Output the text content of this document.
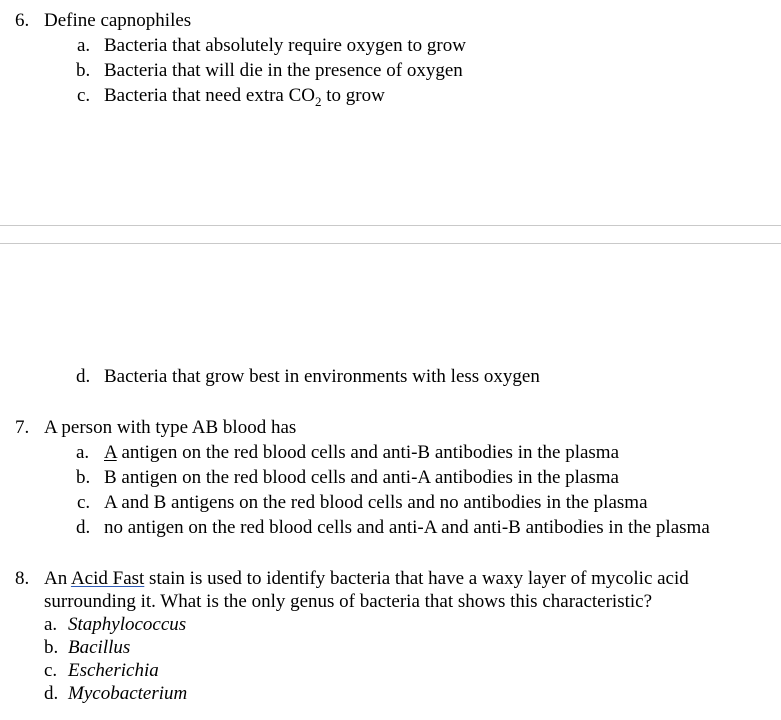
6. Define capnophiles
a. Bacteria that absolutely require oxygen to grow
b. Bacteria that will die in the presence of oxygen
c. Bacteria that need extra $CO_2$ to grow
d. Bacteria that grow best in environments with less oxygen
7. A person with type AB blood has
a. A antigen on the red blood cells and anti-B antibodies in the plasma
b. B antigen on the red blood cells and anti-A antibodies in the plasma
c. A and B antigens on the red blood cells and no antibodies in the plasma
d. no antigen on the red blood cells and anti-A and anti-B antibodies in the plasma
8. An Acid Fast stain is used to identify bacteria that have a waxy layer of mycolic acid
surrounding it. What is the only genus of bacteria that shows this characteristic?
a. Staphylococcus
b. Bacillus
c. Escherichia
d. Mycobacterium
